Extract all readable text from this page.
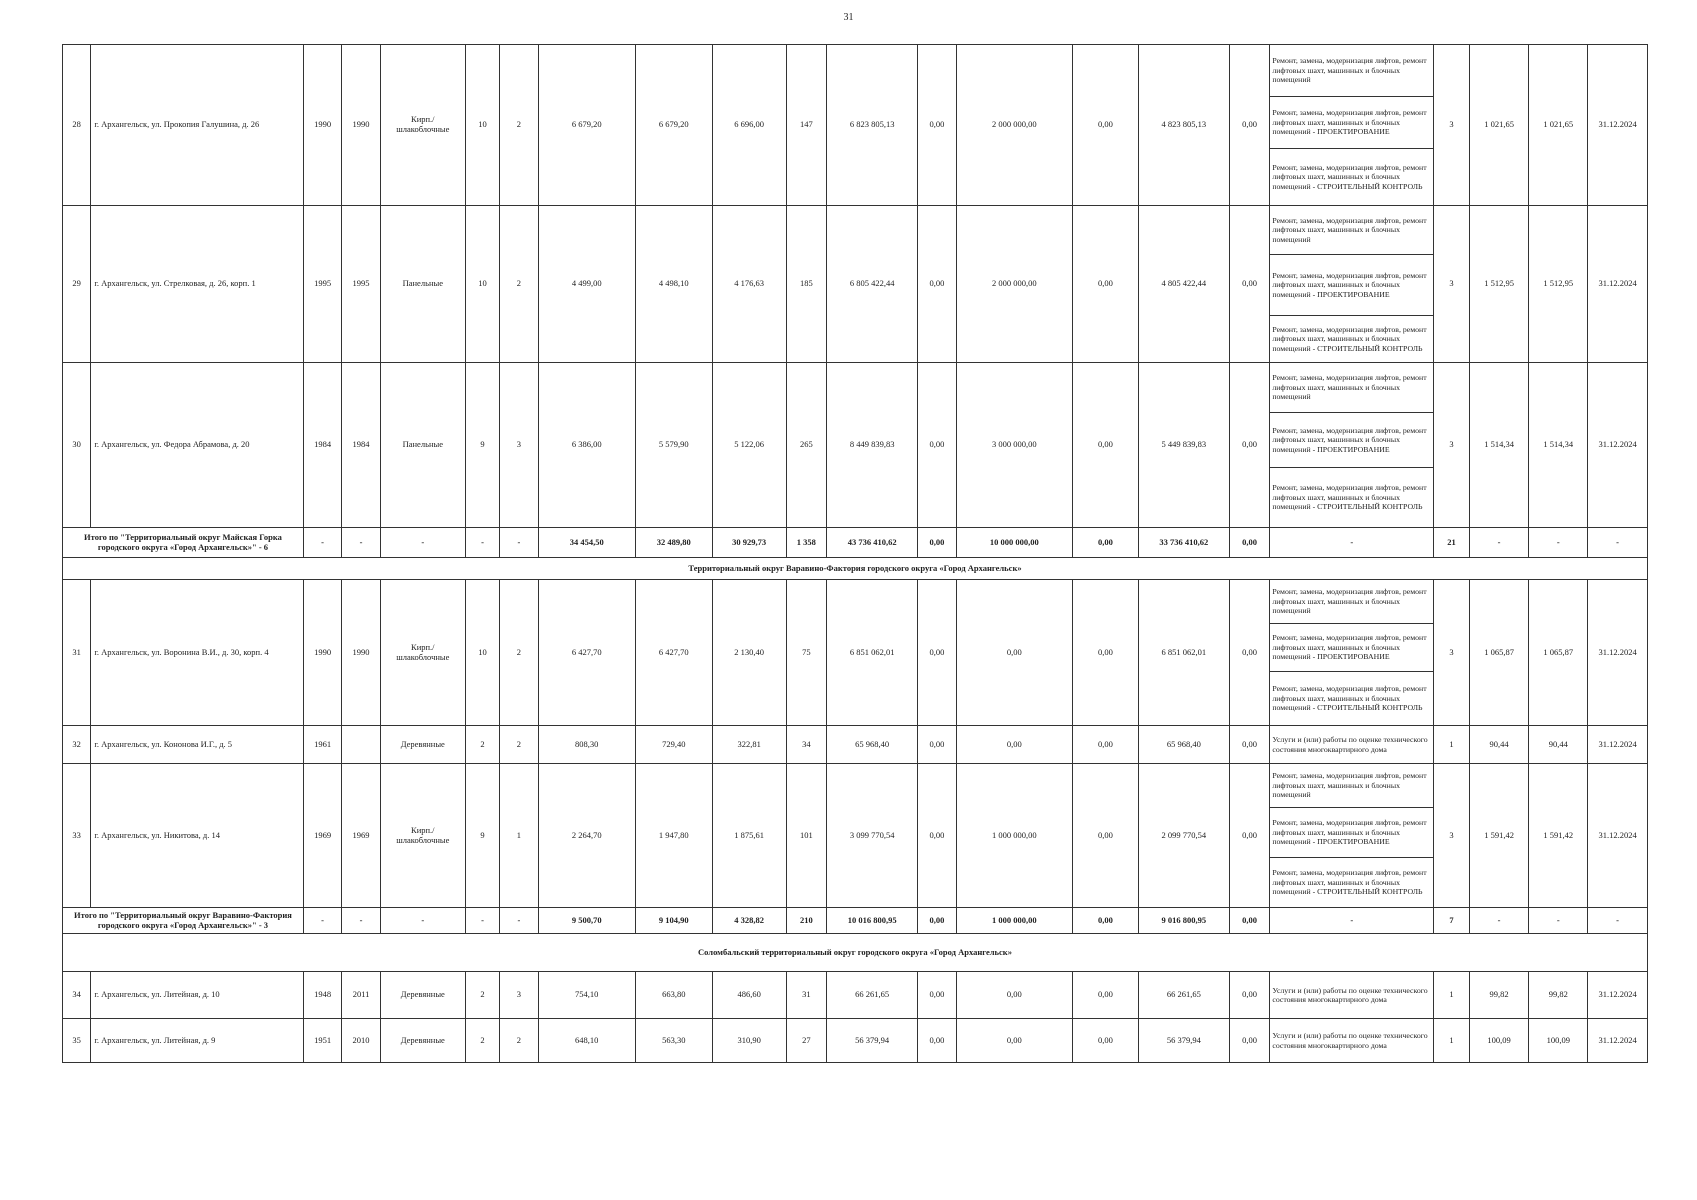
31
28	г. Архангельск, ул. Прокопия Галушина, д. 26	1990	1990	Кирп./ шлакоблочные	10	2	6 679,20	6 679,20	6 696,00	147	6 823 805,13	0,00	2 000 000,00	0,00	4 823 805,13	0,00	Ремонт, замена, модернизация лифтов, ремонт лифтовых шахт, машинных и блочных помещений	3	1 021,65	1 021,65	31.12.2024
																	Ремонт, замена, модернизация лифтов, ремонт лифтовых шахт, машинных и блочных помещений - ПРОЕКТИРОВАНИЕ				
																	Ремонт, замена, модернизация лифтов, ремонт лифтовых шахт, машинных и блочных помещений - СТРОИТЕЛЬНЫЙ КОНТРОЛЬ				
29	г. Архангельск, ул. Стрелковая, д. 26, корп. 1	1995	1995	Панельные	10	2	4 499,00	4 498,10	4 176,63	185	6 805 422,44	0,00	2 000 000,00	0,00	4 805 422,44	0,00	Ремонт, замена, модернизация лифтов, ремонт лифтовых шахт, машинных и блочных помещений	3	1 512,95	1 512,95	31.12.2024
																	Ремонт, замена, модернизация лифтов, ремонт лифтовых шахт, машинных и блочных помещений - ПРОЕКТИРОВАНИЕ				
																	Ремонт, замена, модернизация лифтов, ремонт лифтовых шахт, машинных и блочных помещений - СТРОИТЕЛЬНЫЙ КОНТРОЛЬ				
30	г. Архангельск, ул. Федора Абрамова, д. 20	1984	1984	Панельные	9	3	6 386,00	5 579,90	5 122,06	265	8 449 839,83	0,00	3 000 000,00	0,00	5 449 839,83	0,00	Ремонт, замена, модернизация лифтов, ремонт лифтовых шахт, машинных и блочных помещений	3	1 514,34	1 514,34	31.12.2024
																	Ремонт, замена, модернизация лифтов, ремонт лифтовых шахт, машинных и блочных помещений - ПРОЕКТИРОВАНИЕ				
																	Ремонт, замена, модернизация лифтов, ремонт лифтовых шахт, машинных и блочных помещений - СТРОИТЕЛЬНЫЙ КОНТРОЛЬ				
Итого по "Территориальный округ Майская Горка городского округа «Город Архангельск»" - 6		-	-	-	-	-	34 454,50	32 489,80	30 929,73	1 358	43 736 410,62	0,00	10 000 000,00	0,00	33 736 410,62	0,00	-	21	-	-	-
Территориальный округ Варавино-Фактория городского округа «Город Архангельск»																					
31	г. Архангельск, ул. Воронина В.И., д. 30, корп. 4	1990	1990	Кирп./ шлакоблочные	10	2	6 427,70	6 427,70	2 130,40	75	6 851 062,01	0,00	0,00	0,00	6 851 062,01	0,00	Ремонт, замена, модернизация лифтов, ремонт лифтовых шахт, машинных и блочных помещений	3	1 065,87	1 065,87	31.12.2024
																	Ремонт, замена, модернизация лифтов, ремонт лифтовых шахт, машинных и блочных помещений - ПРОЕКТИРОВАНИЕ				
																	Ремонт, замена, модернизация лифтов, ремонт лифтовых шахт, машинных и блочных помещений - СТРОИТЕЛЬНЫЙ КОНТРОЛЬ				
32	г. Архангельск, ул. Кононова И.Г., д. 5	1961		Деревянные	2	2	808,30	729,40	322,81	34	65 968,40	0,00	0,00	0,00	65 968,40	0,00	Услуги и (или) работы по оценке технического состояния многоквартирного дома	1	90,44	90,44	31.12.2024
33	г. Архангельск, ул. Никитова, д. 14	1969	1969	Кирп./ шлакоблочные	9	1	2 264,70	1 947,80	1 875,61	101	3 099 770,54	0,00	1 000 000,00	0,00	2 099 770,54	0,00	Ремонт, замена, модернизация лифтов, ремонт лифтовых шахт, машинных и блочных помещений	3	1 591,42	1 591,42	31.12.2024
																	Ремонт, замена, модернизация лифтов, ремонт лифтовых шахт, машинных и блочных помещений - ПРОЕКТИРОВАНИЕ				
																	Ремонт, замена, модернизация лифтов, ремонт лифтовых шахт, машинных и блочных помещений - СТРОИТЕЛЬНЫЙ КОНТРОЛЬ				
Итого по "Территориальный округ Варавино-Фактория городского округа «Город Архангельск»" - 3		-	-	-	-	-	9 500,70	9 104,90	4 328,82	210	10 016 800,95	0,00	1 000 000,00	0,00	9 016 800,95	0,00	-	7	-	-	-
Соломбальский территориальный округ городского округа «Город Архангельск»																					
34	г. Архангельск, ул. Литейная, д. 10	1948	2011	Деревянные	2	3	754,10	663,80	486,60	31	66 261,65	0,00	0,00	0,00	66 261,65	0,00	Услуги и (или) работы по оценке технического состояния многоквартирного дома	1	99,82	99,82	31.12.2024
35	г. Архангельск, ул. Литейная, д. 9	1951	2010	Деревянные	2	2	648,10	563,30	310,90	27	56 379,94	0,00	0,00	0,00	56 379,94	0,00	Услуги и (или) работы по оценке технического состояния многоквартирного дома	1	100,09	100,09	31.12.2024
